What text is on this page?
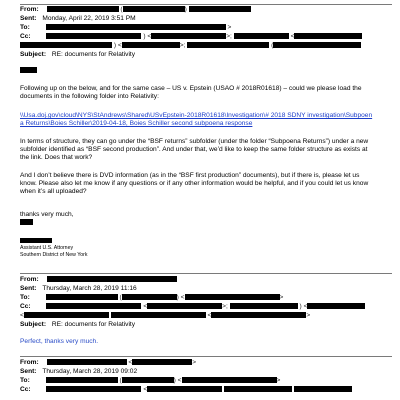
From:	(	)
Sent: Monday, April 22, 2019 3:51 PM
To:	>
Cc:	) <	>;	<
) <	>;	(
Subject: RE: documents for Relativity
Following up on the below, and for the same case – US v. Epstein (USAO # 2018R01618) – could we please load the documents in the following folder into Relativity:
\\Usa.doj.gov\cloud\NYS\StAndrews\Shared\USvEpstein-2018R01618\Investigation\# 2018 SDNY investigation\Subpoena Returns\Boies Schiller\2019-04-18, Boies Schiller second subpoena response
In terms of structure, they can go under the “BSF returns” subfolder (under the folder “Subpoena Returns”) under a new subfolder identified as “BSF second production”. And under that, we’d like to keep the same folder structure as exists at the link. Does that work?
And I don’t believe there is DVD information (as in the “BSF first production” documents), but if there is, please let us know. Please also let me know if any questions or if any other information would be helpful, and if you could let us know when it’s all uploaded?
thanks very much,
Assistant U.S. Attorney
Southern District of New York
From:
Sent: Thursday, March 28, 2019 11:16
To:	(	) <	>
Cc:	<	>;	) <
<	<	>
Subject: RE: documents for Relativity
Perfect, thanks very much.
From:	<	>
Sent: Thursday, March 28, 2019 09:02
To:	(	) <	>
Cc:	<
